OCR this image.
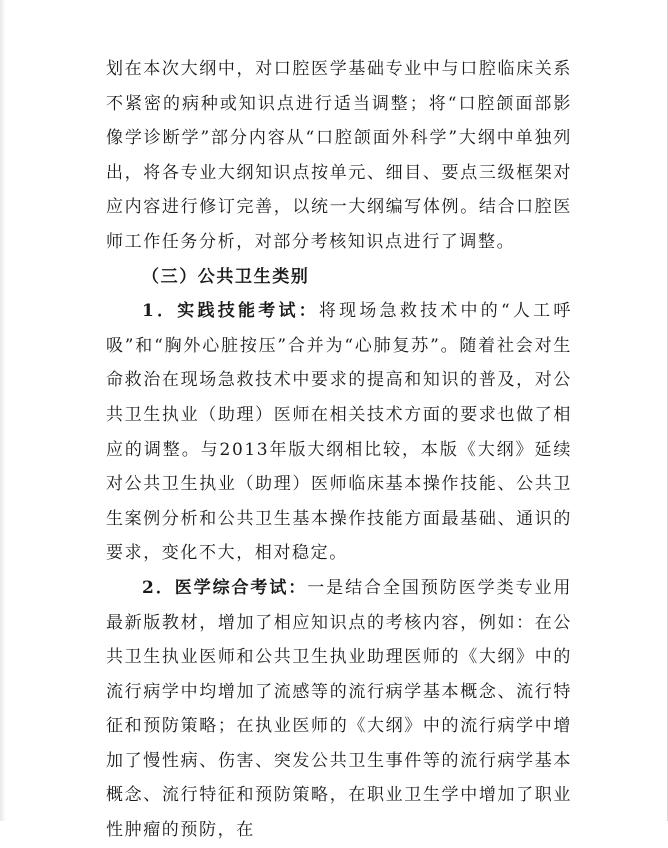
划在本次大纲中，对口腔医学基础专业中与口腔临床关系不紧密的病种或知识点进行适当调整；将“口腔颌面部影像学诊断学”部分内容从“口腔颌面外科学”大纲中单独列出，将各专业大纲知识点按单元、细目、要点三级框架对应内容进行修订完善，以统一大纲编写体例。结合口腔医师工作任务分析，对部分考核知识点进行了调整。

（三）公共卫生类别

1．实践技能考试：将现场急救技术中的“人工呼吸”和“胸外心脏按压”合并为“心肺复苏”。随着社会对生命救治在现场急救技术中要求的提高和知识的普及，对公共卫生执业（助理）医师在相关技术方面的要求也做了相应的调整。与2013年版大纲相比较，本版《大纲》延续对公共卫生执业（助理）医师临床基本操作技能、公共卫生案例分析和公共卫生基本操作技能方面最基础、通识的要求，变化不大，相对稳定。

2．医学综合考试：一是结合全国预防医学类专业用最新版教材，增加了相应知识点的考核内容，例如：在公共卫生执业医师和公共卫生执业助理医师的《大纲》中的流行病学中均增加了流感等的流行病学基本概念、流行特征和预防策略；在执业医师的《大纲》中的流行病学中增加了慢性病、伤害、突发公共卫生事件等的流行病学基本概念、流行特征和预防策略，在职业卫生学中增加了职业性肿瘤的预防，在
